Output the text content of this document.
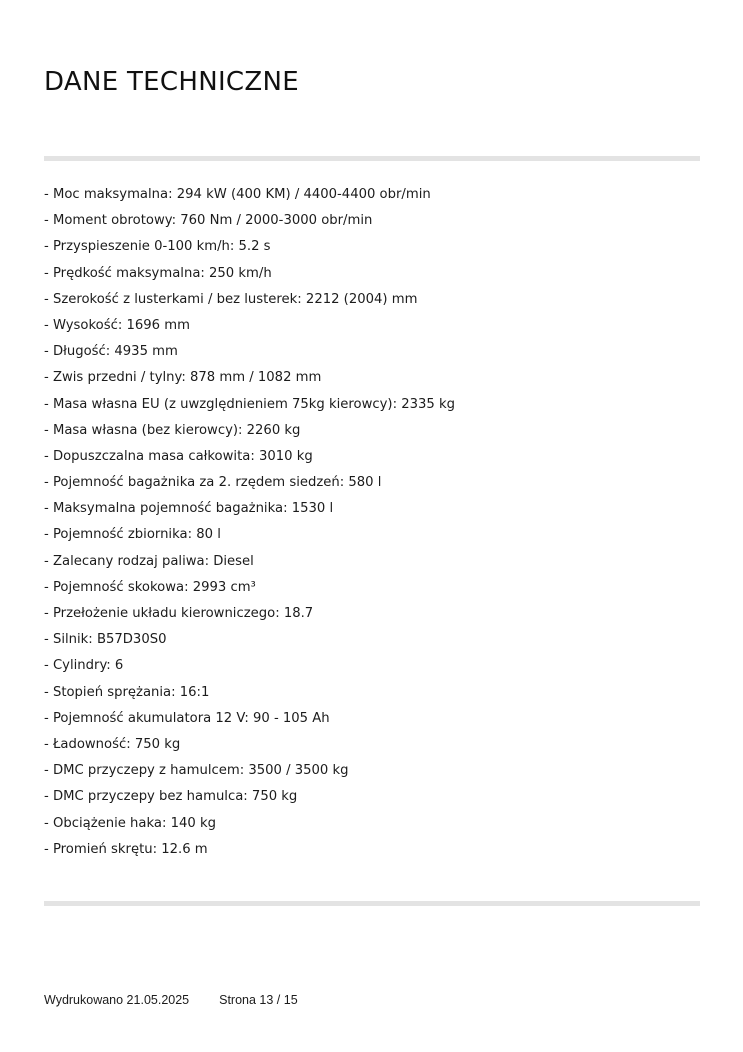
DANE TECHNICZNE
- Moc maksymalna: 294 kW (400 KM) / 4400-4400 obr/min
- Moment obrotowy: 760 Nm / 2000-3000 obr/min
- Przyspieszenie 0-100 km/h: 5.2 s
- Prędkość maksymalna: 250 km/h
- Szerokość z lusterkami / bez lusterek: 2212 (2004) mm
- Wysokość: 1696 mm
- Długość: 4935 mm
- Zwis przedni / tylny: 878 mm / 1082 mm
- Masa własna EU (z uwzględnieniem 75kg kierowcy): 2335 kg
- Masa własna (bez kierowcy): 2260 kg
- Dopuszczalna masa całkowita: 3010 kg
- Pojemność bagażnika za 2. rzędem siedzeń: 580 l
- Maksymalna pojemność bagażnika: 1530 l
- Pojemność zbiornika: 80 l
- Zalecany rodzaj paliwa: Diesel
- Pojemność skokowa: 2993 cm³
- Przełożenie układu kierowniczego: 18.7
- Silnik: B57D30S0
- Cylindry: 6
- Stopień sprężania: 16:1
- Pojemność akumulatora 12 V: 90 - 105 Ah
- Ładowność: 750 kg
- DMC przyczepy z hamulcem: 3500 / 3500 kg
- DMC przyczepy bez hamulca: 750 kg
- Obciążenie haka: 140 kg
- Promień skrętu: 12.6 m
Wydrukowano 21.05.2025 Strona 13 / 15
